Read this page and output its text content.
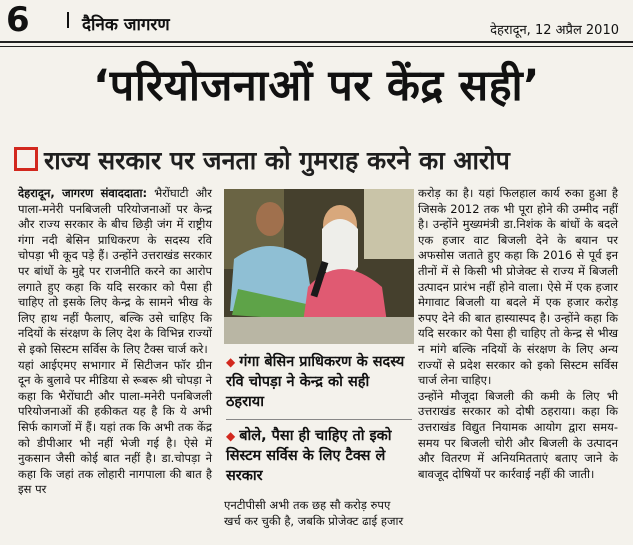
6	दैनिक जागरण	देहरादून, 12 अप्रैल 2010
‘परियोजनाओं पर केंद्र सही’
राज्य सरकार पर जनता को गुमराह करने का आरोप

देहरादून, जागरण संवाददाता: भैरोंघाटी और पाला-मनेरी पनबिजली परियोजनाओं पर केन्द्र और राज्य सरकार के बीच छिड़ी जंग में राष्ट्रीय गंगा नदी बेसिन प्राधिकरण के सदस्य रवि चोपड़ा भी कूद पड़े हैं। उन्होंने उत्तराखंड सरकार पर बांधों के मुद्दे पर राजनीति करने का आरोप लगाते हुए कहा कि यदि सरकार को पैसा ही चाहिए तो इसके लिए केन्द्र के सामने भीख के लिए हाथ नहीं फैलाए, बल्कि उसे चाहिए कि नदियों के संरक्षण के लिए देश के विभिन्न राज्यों से इको सिस्टम सर्विस के लिए टैक्स चार्ज करे।

यहां आईएमए सभागार में सिटीजन फॉर ग्रीन दून के बुलावे पर मीडिया से रूबरू श्री चोपड़ा ने कहा कि भैरोंघाटी और पाला-मनेरी पनबिजली परियोजनाओं की हकीकत यह है कि ये अभी सिर्फ कागजों में हैं। यहां तक कि अभी तक केंद्र को डीपीआर भी नहीं भेजी गई है। ऐसे में नुकसान जैसी कोई बात नहीं है। डा.चोपड़ा ने कहा कि जहां तक लोहारी नागपाला की बात है इस पर

◆ गंगा बेसिन प्राधिकरण के सदस्य रवि चोपड़ा ने केन्द्र को सही ठहराया
◆ बोले, पैसा ही चाहिए तो इको सिस्टम सर्विस के लिए टैक्स ले सरकार

एनटीपीसी अभी तक छह सौ करोड़ रुपए खर्च कर चुकी है, जबकि प्रोजेक्ट ढाई हजार

करोड़ का है। यहां फिलहाल कार्य रुका हुआ है जिसके 2012 तक भी पूरा होने की उम्मीद नहीं है। उन्होंने मुख्यमंत्री डा.निशंक के बांधों के बदले एक हजार वाट बिजली देने के बयान पर अफसोस जताते हुए कहा कि 2016 से पूर्व इन तीनों में से किसी भी प्रोजेक्ट से राज्य में बिजली उत्पादन प्रारंभ नहीं होने वाला। ऐसे में एक हजार मेगावाट बिजली या बदले में एक हजार करोड़ रुपए देने की बात हास्यास्पद है। उन्होंने कहा कि यदि सरकार को पैसा ही चाहिए तो केन्द्र से भीख न मांगे बल्कि नदियों के संरक्षण के लिए अन्य राज्यों से प्रदेश सरकार को इको सिस्टम सर्विस चार्ज लेना चाहिए।

उन्होंने मौजूदा बिजली की कमी के लिए भी उत्तराखंड सरकार को दोषी ठहराया। कहा कि उत्तराखंड विद्युत नियामक आयोग द्वारा समय-समय पर बिजली चोरी और बिजली के उत्पादन और वितरण में अनियमितताएं बताए जाने के बावजूद दोषियों पर कार्रवाई नहीं की जाती।
